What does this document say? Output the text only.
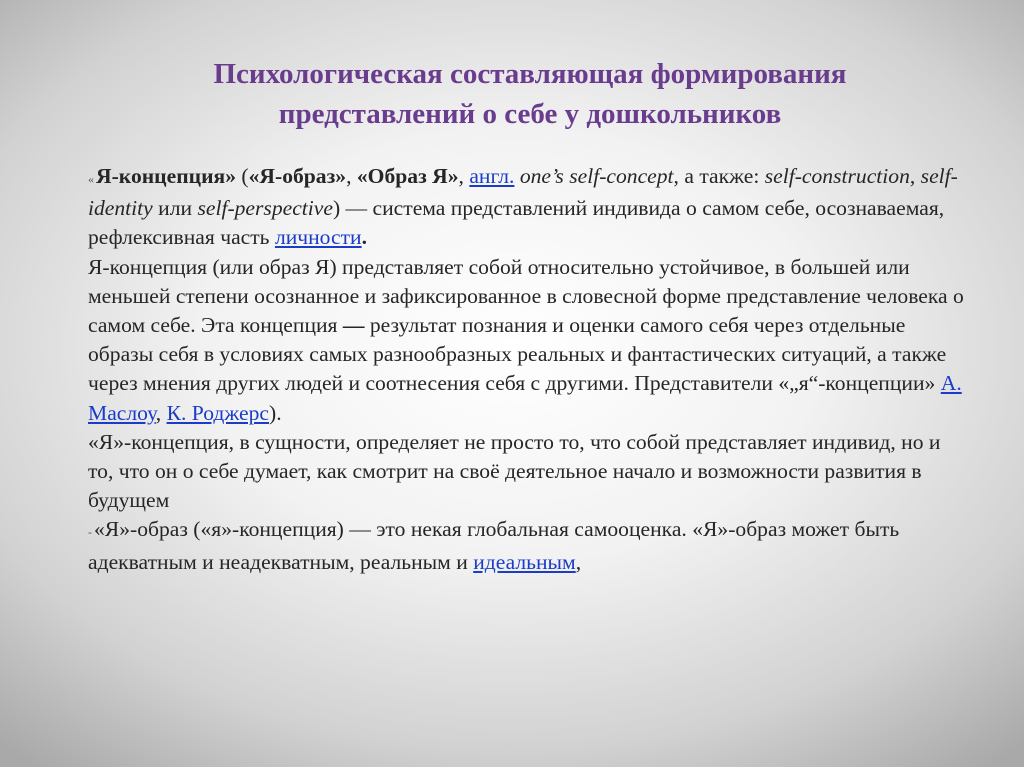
Психологическая составляющая формирования
представлений о себе у дошкольников

«Я-концепция» («Я-образ», «Образ Я», англ. one’s self-concept, а также: self-construction, self-identity или self-perspective) — система представлений индивида о самом себе, осознаваемая, рефлексивная часть личности.

Я-концепция (или образ Я) представляет собой относительно устойчивое, в большей или меньшей степени осознанное и зафиксированное в словесной форме представление человека о самом себе. Эта концепция — результат познания и оценки самого себя через отдельные образы себя в условиях самых разнообразных реальных и фантастических ситуаций, а также через мнения других людей и соотнесения себя с другими. Представители «„я“-концепции» А. Маслоу, К. Роджерс).

«Я»-концепция, в сущности, определяет не просто то, что собой представляет индивид, но и то, что он о себе думает, как смотрит на своё деятельное начало и возможности развития в будущем

-«Я»-образ («я»-концепция) — это некая глобальная самооценка. «Я»-образ может быть адекватным и неадекватным, реальным и идеальным,
